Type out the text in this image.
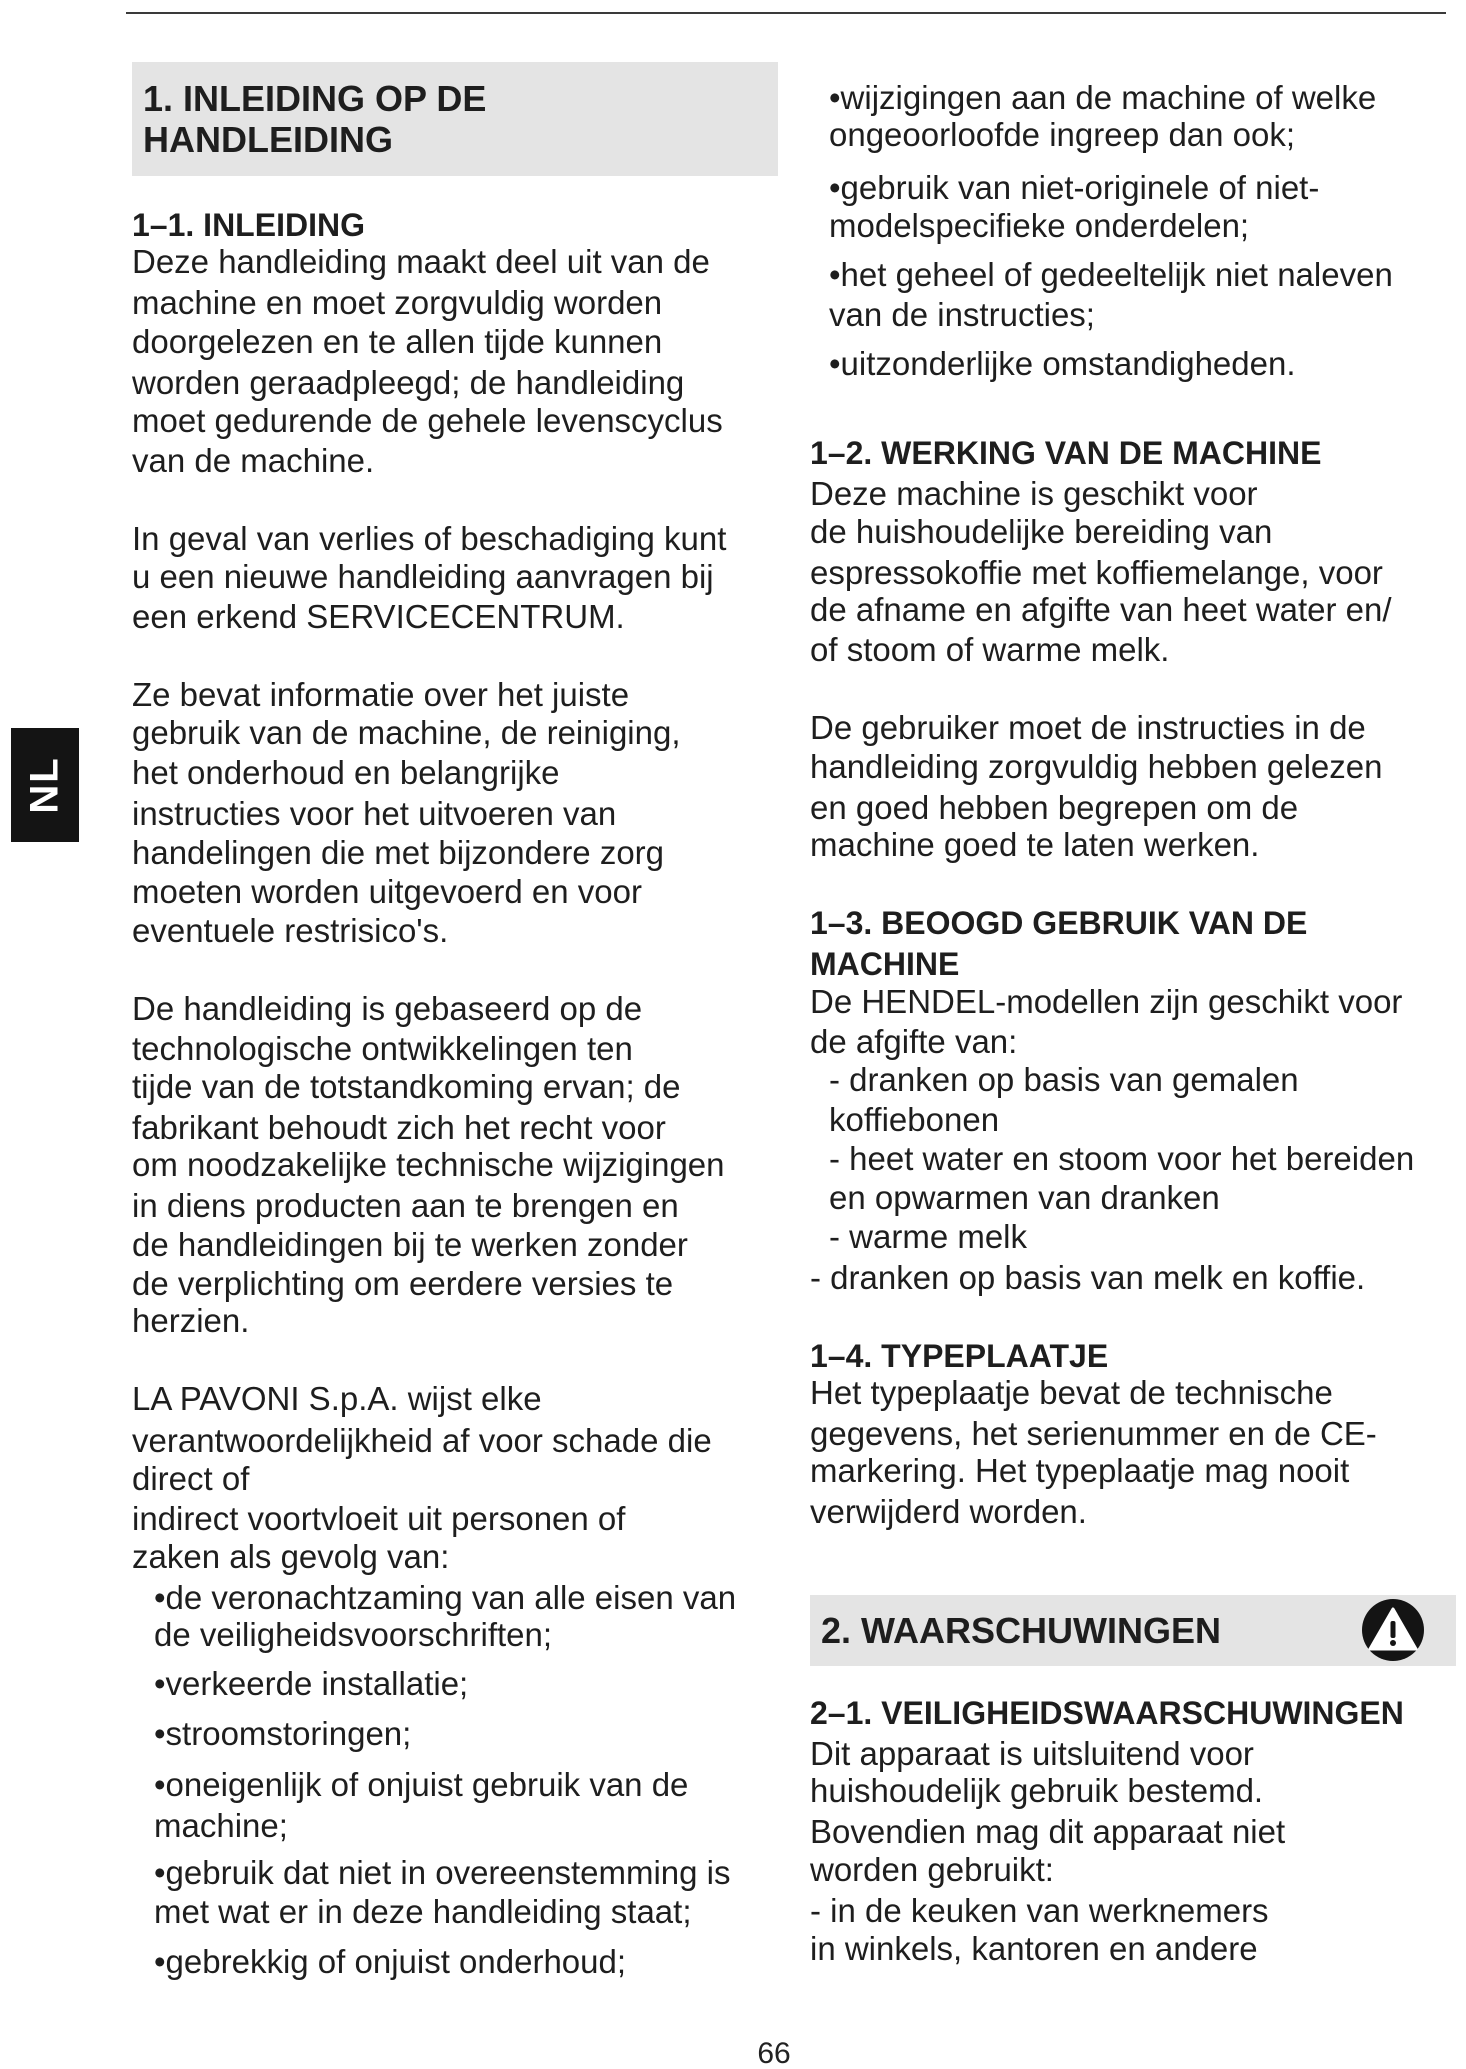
NL
66
1. INLEIDING OP DE
HANDLEIDING
1–1. INLEIDING
Deze handleiding maakt deel uit van de
machine en moet zorgvuldig worden
doorgelezen en te allen tijde kunnen
worden geraadpleegd; de handleiding
moet gedurende de gehele levenscyclus
van de machine.
In geval van verlies of beschadiging kunt
u een nieuwe handleiding aanvragen bij
een erkend SERVICECENTRUM.
Ze bevat informatie over het juiste
gebruik van de machine, de reiniging,
het onderhoud en belangrijke
instructies voor het uitvoeren van
handelingen die met bijzondere zorg
moeten worden uitgevoerd en voor
eventuele restrisico's.
De handleiding is gebaseerd op de
technologische ontwikkelingen ten
tijde van de totstandkoming ervan; de
fabrikant behoudt zich het recht voor
om noodzakelijke technische wijzigingen
in diens producten aan te brengen en
de handleidingen bij te werken zonder
de verplichting om eerdere versies te
herzien.
LA PAVONI S.p.A. wijst elke
verantwoordelijkheid af voor schade die
direct of
indirect voortvloeit uit personen of
zaken als gevolg van:
•de veronachtzaming van alle eisen van
de veiligheidsvoorschriften;
•verkeerde installatie;
•stroomstoringen;
•oneigenlijk of onjuist gebruik van de
machine;
•gebruik dat niet in overeenstemming is
met wat er in deze handleiding staat;
•gebrekkig of onjuist onderhoud;
•wijzigingen aan de machine of welke
ongeoorloofde ingreep dan ook;
•gebruik van niet-originele of niet-
modelspecifieke onderdelen;
•het geheel of gedeeltelijk niet naleven
van de instructies;
•uitzonderlijke omstandigheden.
1–2. WERKING VAN DE MACHINE
Deze machine is geschikt voor
de huishoudelijke bereiding van
espressokoffie met koffiemelange, voor
de afname en afgifte van heet water en/
of stoom of warme melk.
De gebruiker moet de instructies in de
handleiding zorgvuldig hebben gelezen
en goed hebben begrepen om de
machine goed te laten werken.
1–3. BEOOGD GEBRUIK VAN DE
MACHINE
De HENDEL-modellen zijn geschikt voor
de afgifte van:
- dranken op basis van gemalen
koffiebonen
- heet water en stoom voor het bereiden
en opwarmen van dranken
- warme melk
- dranken op basis van melk en koffie.
1–4. TYPEPLAATJE
Het typeplaatje bevat de technische
gegevens, het serienummer en de CE-
markering. Het typeplaatje mag nooit
verwijderd worden.
2. WAARSCHUWINGEN
2–1. VEILIGHEIDSWAARSCHUWINGEN
Dit apparaat is uitsluitend voor
huishoudelijk gebruik bestemd.
Bovendien mag dit apparaat niet
worden gebruikt:
- in de keuken van werknemers
in winkels, kantoren en andere
